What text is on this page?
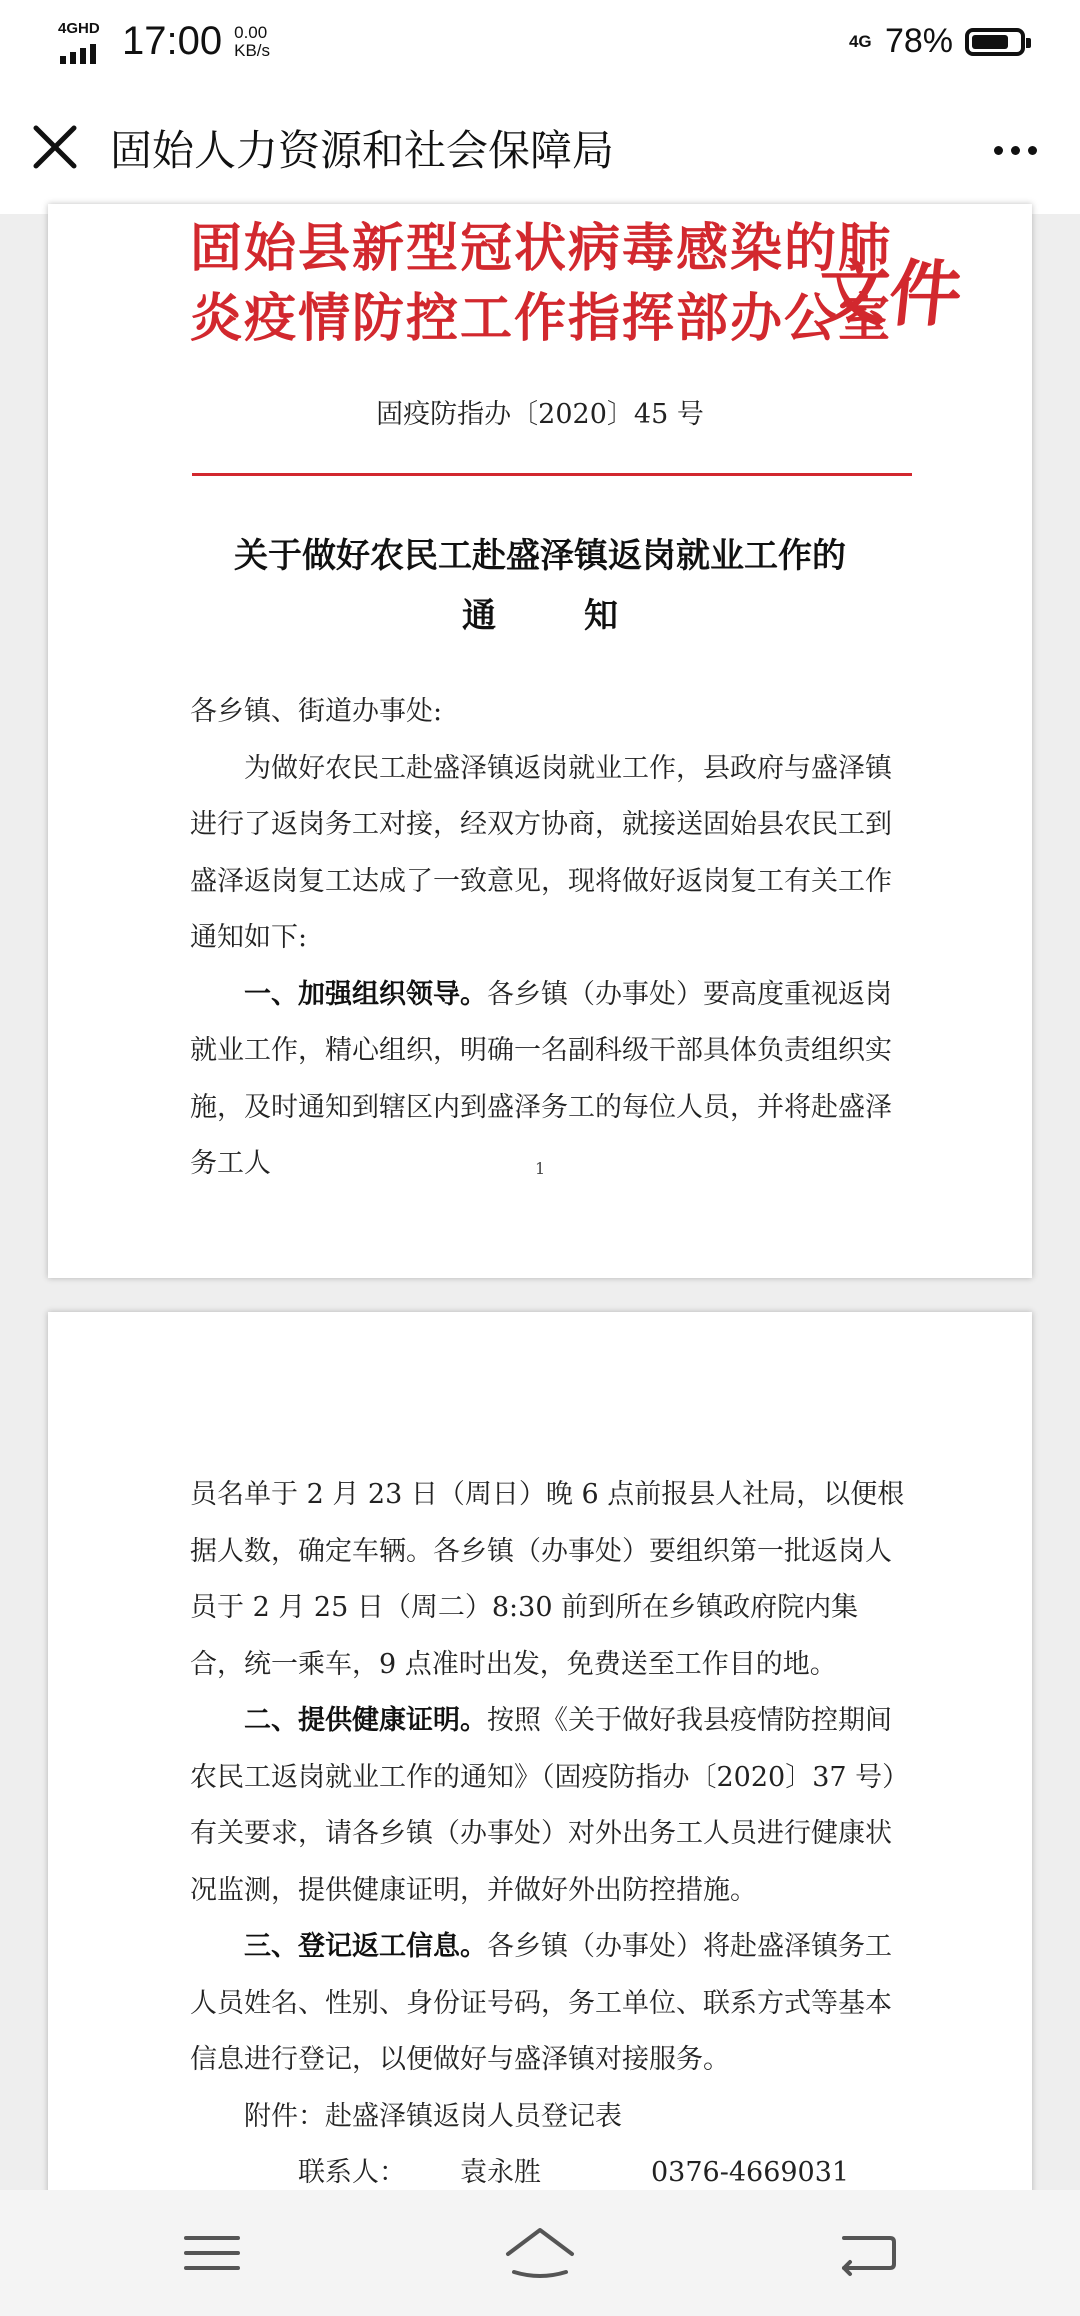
4GHD 17:00 0.00
KB/s	4G 78%
固始人力资源和社会保障局
固始县新型冠状病毒感染的肺
炎疫情防控工作指挥部办公室
文件
固疫防指办〔2020〕45 号
关于做好农民工赴盛泽镇返岗就业工作的
通知

各乡镇、街道办事处:

为做好农民工赴盛泽镇返岗就业工作，县政府与盛泽镇进行了返岗务工对接，经双方协商，就接送固始县农民工到盛泽返岗复工达成了一致意见，现将做好返岗复工有关工作通知如下:

一、加强组织领导。各乡镇（办事处）要高度重视返岗就业工作，精心组织，明确一名副科级干部具体负责组织实施，及时通知到辖区内到盛泽务工的每位人员，并将赴盛泽务工人	1

员名单于 2 月 23 日（周日）晚 6 点前报县人社局，以便根据人数，确定车辆。各乡镇（办事处）要组织第一批返岗人员于 2 月 25 日（周二）8:30 前到所在乡镇政府院内集合，统一乘车，9 点准时出发，免费送至工作目的地。

二、提供健康证明。按照《关于做好我县疫情防控期间农民工返岗就业工作的通知》（固疫防指办〔2020〕37 号）有关要求，请各乡镇（办事处）对外出务工人员进行健康状况监测，提供健康证明，并做好外出防控措施。

三、登记返工信息。各乡镇（办事处）将赴盛泽镇务工人员姓名、性别、身份证号码，务工单位、联系方式等基本信息进行登记，以便做好与盛泽镇对接服务。

附件：赴盛泽镇返岗人员登记表

联系人： 袁永胜	0376-4669031
